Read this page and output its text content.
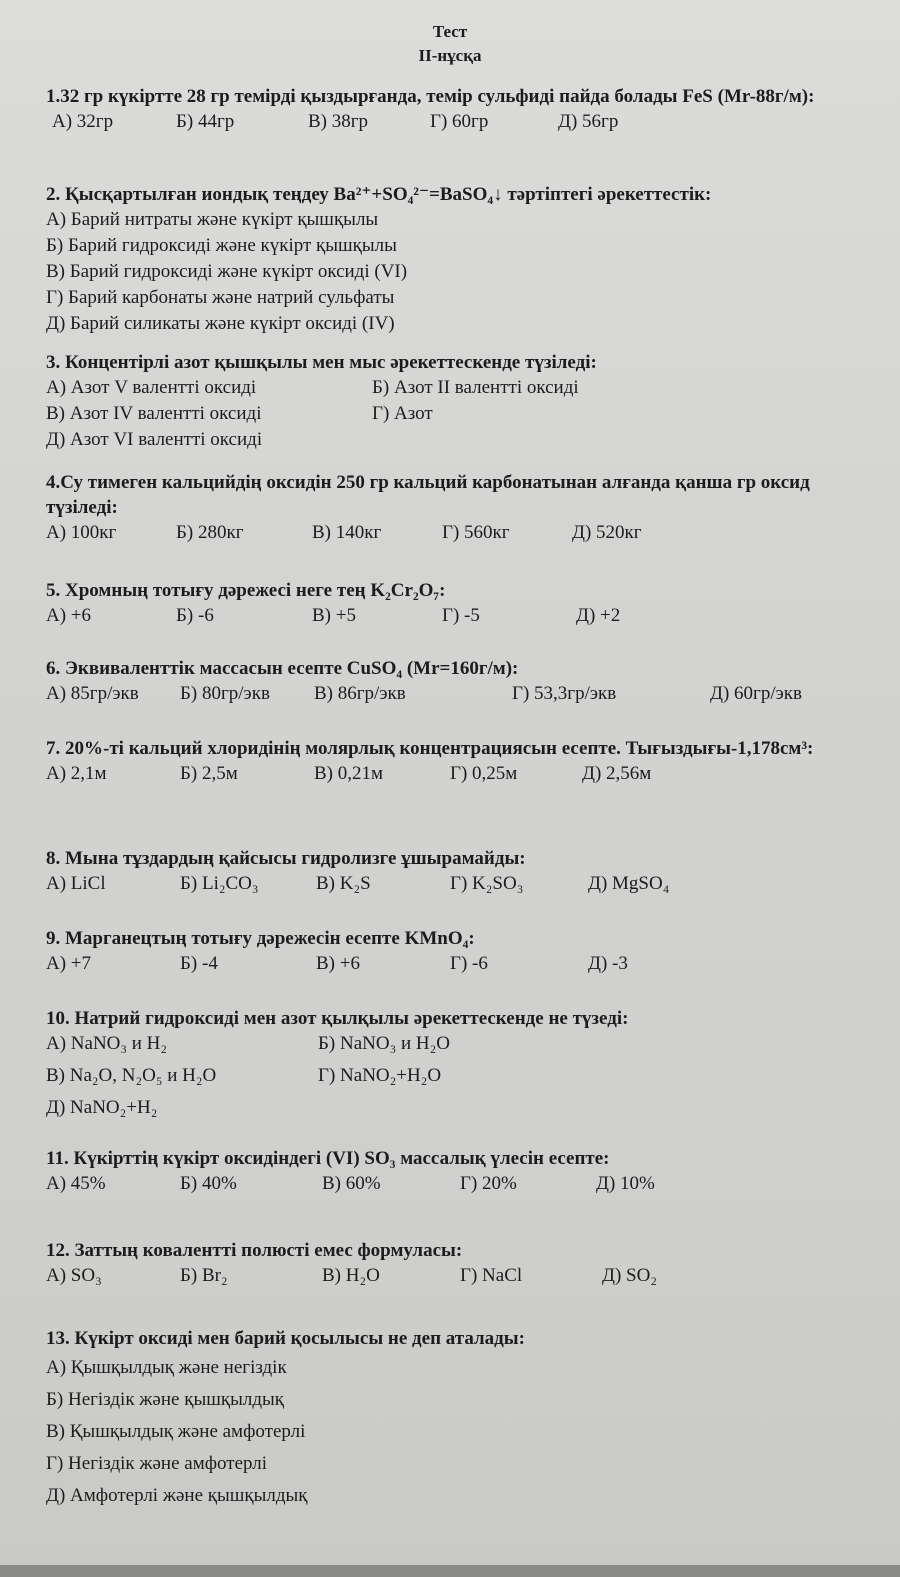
Тест
ІІ-нұсқа

1.32 гр күкіртте 28 гр темірді қыздырғанда, темір сульфиді пайда болады FeS (Mr-88г/м):

А) 32гр	Б) 44гр	В) 38гр	Г) 60гр	Д) 56гр

2. Қысқартылған иондық теңдеу Ba²⁺+SO₄²⁻=BaSO₄↓ тәртіптегі әрекеттестік:

А) Барий нитраты және күкірт қышқылы
Б) Барий гидроксиді және күкірт қышқылы
В) Барий гидроксиді және күкірт оксиді (VI)
Г) Барий карбонаты және натрий сульфаты
Д) Барий силикаты және күкірт оксиді (IV)

3. Концентірлі азот қышқылы мен мыс әрекеттескенде түзіледі:

А) Азот V валентті оксиді	Б) Азот ІІ валентті оксиді
В) Азот IV валентті оксиді	Г) Азот
Д) Азот VI валентті оксиді

4.Су тимеген кальцийдің оксидін 250 гр кальций карбонатынан алғанда қанша гр оксид түзіледі:

А) 100кг	Б) 280кг	В) 140кг	Г) 560кг	Д) 520кг

5. Хромның тотығу дәрежесі неге тең K₂Cr₂O₇:

А) +6	Б) -6	В) +5	Г) -5	Д) +2

6. Эквиваленттік массасын есепте CuSO₄ (Mr=160г/м):

А) 85гр/экв Б) 80гр/экв В) 86гр/экв	Г) 53,3гр/экв	Д) 60гр/экв

7. 20%-ті кальций хлоридінің молярлық концентрациясын есепте. Тығыздығы-1,178см³:

А) 2,1м	Б) 2,5м	В) 0,21м	Г) 0,25м	Д) 2,56м

8. Мына тұздардың қайсысы гидролизге ұшырамайды:

А) LiCl	Б) Li₂CO₃	В) K₂S	Г) K₂SO₃	Д) MgSO₄

9. Марганецтың тотығу дәрежесін есепте KMnO₄:

А) +7	Б) -4	В) +6	Г) -6	Д) -3

10. Натрий гидроксиді мен азот қылқылы әрекеттескенде не түзеді:

А) NaNO₃ и H₂	Б) NaNO₃ и H₂O
В) Na₂O, N₂O₅ и H₂O	Г) NaNO₂+H₂O
Д) NaNO₂+H₂

11. Күкірттің күкірт оксидіндегі (VI) SO₃ массалық үлесін есепте:

А) 45%	Б) 40%	В) 60%	Г) 20%	Д) 10%

12. Заттың ковалентті полюсті емес формуласы:

А) SO₃	Б) Br₂	В) H₂O	Г) NaCl	Д) SO₂

13. Күкірт оксиді мен барий қосылысы не деп аталады:

А) Қышқылдық және негіздік
Б) Негіздік және қышқылдық
В) Қышқылдық және амфотерлі
Г) Негіздік және амфотерлі
Д) Амфотерлі және қышқылдық
